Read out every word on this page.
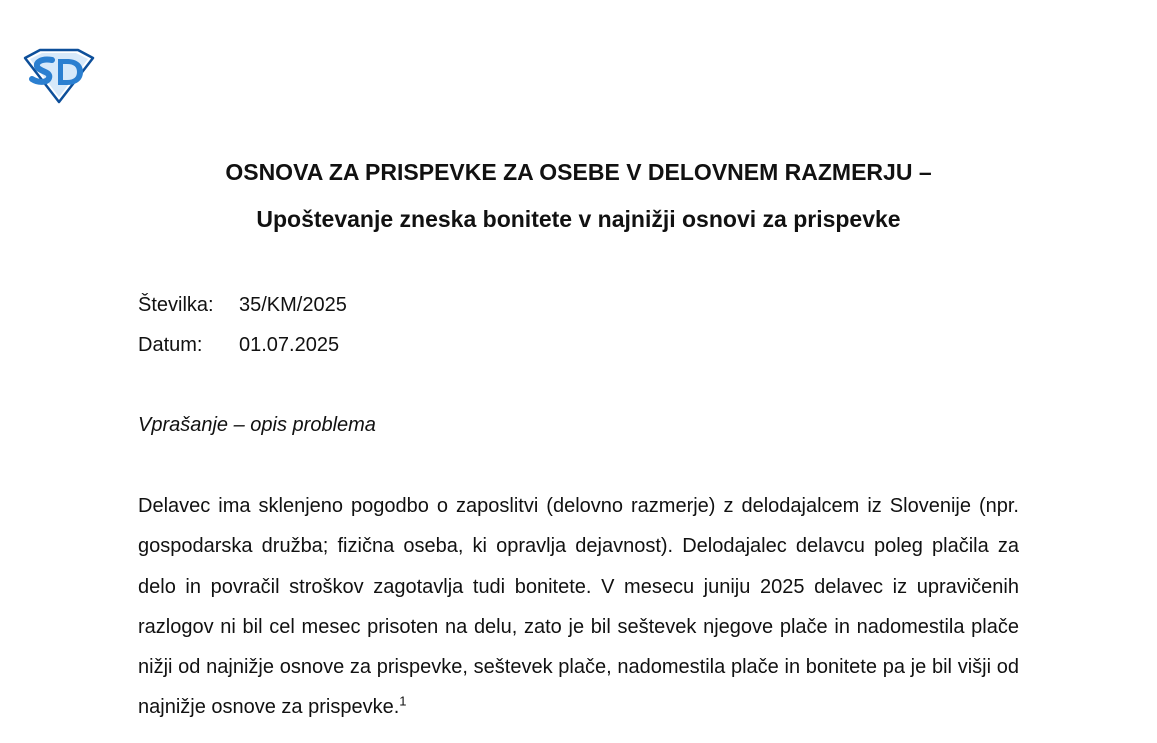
OSNOVA ZA PRISPEVKE ZA OSEBE V DELOVNEM RAZMERJU –
Upoštevanje zneska bonitete v najnižji osnovi za prispevke

Številka: 35/KM/2025

Datum: 01.07.2025

Vprašanje – opis problema

Delavec ima sklenjeno pogodbo o zaposlitvi (delovno razmerje) z delodajalcem iz Slovenije (npr. gospodarska družba; fizična oseba, ki opravlja dejavnost). Delodajalec delavcu poleg plačila za delo in povračil stroškov zagotavlja tudi bonitete. V mesecu juniju 2025 delavec iz upravičenih razlogov ni bil cel mesec prisoten na delu, zato je bil seštevek njegove plače in nadomestila plače nižji od najnižje osnove za prispevke, seštevek plače, nadomestila plače in bonitete pa je bil višji od najnižje osnove za prispevke.$^1$
